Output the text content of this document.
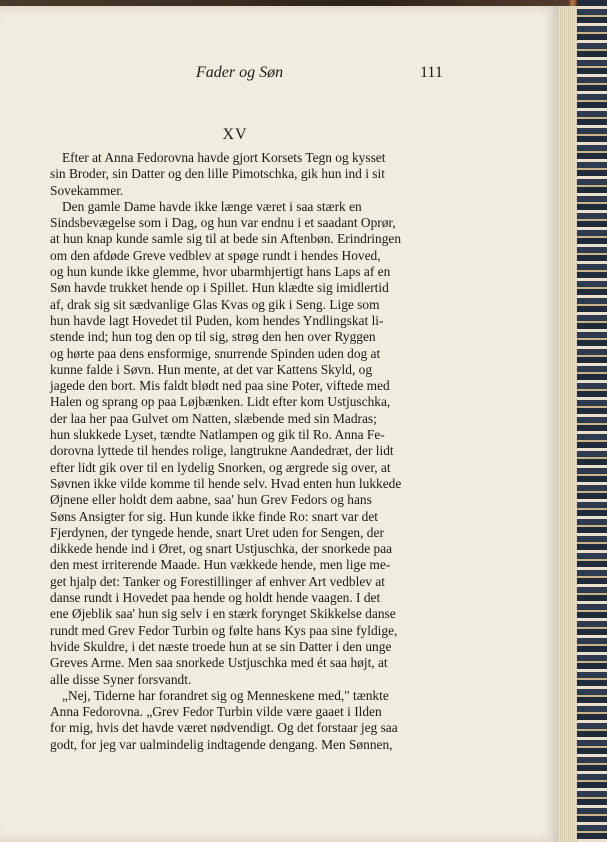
Fader og Søn	111
XV

Efter at Anna Fedorovna havde gjort Korsets Tegn og kysset
sin Broder, sin Datter og den lille Pimotschka, gik hun ind i sit
Sovekammer.

Den gamle Dame havde ikke længe været i saa stærk en
Sindsbevægelse som i Dag, og hun var endnu i et saadant Oprør,
at hun knap kunde samle sig til at bede sin Aftenbøn. Erindringen
om den afdøde Greve vedblev at spøge rundt i hendes Hoved,
og hun kunde ikke glemme, hvor ubarmhjertigt hans Laps af en
Søn havde trukket hende op i Spillet. Hun klædte sig imidlertid
af, drak sig sit sædvanlige Glas Kvas og gik i Seng. Lige som
hun havde lagt Hovedet til Puden, kom hendes Yndlingskat li-
stende ind; hun tog den op til sig, strøg den hen over Ryggen
og hørte paa dens ensformige, snurrende Spinden uden dog at
kunne falde i Søvn. Hun mente, at det var Kattens Skyld, og
jagede den bort. Mis faldt blødt ned paa sine Poter, viftede med
Halen og sprang op paa Løjbænken. Lidt efter kom Ustjuschka,
der laa her paa Gulvet om Natten, slæbende med sin Madras;
hun slukkede Lyset, tændte Natlampen og gik til Ro. Anna Fe-
dorovna lyttede til hendes rolige, langtrukne Aandedræt, der lidt
efter lidt gik over til en lydelig Snorken, og ærgrede sig over, at
Søvnen ikke vilde komme til hende selv. Hvad enten hun lukkede
Øjnene eller holdt dem aabne, saa' hun Grev Fedors og hans
Søns Ansigter for sig. Hun kunde ikke finde Ro: snart var det
Fjerdynen, der tyngede hende, snart Uret uden for Sengen, der
dikkede hende ind i Øret, og snart Ustjuschka, der snorkede paa
den mest irriterende Maade. Hun vækkede hende, men lige me-
get hjalp det: Tanker og Forestillinger af enhver Art vedblev at
danse rundt i Hovedet paa hende og holdt hende vaagen. I det
ene Øjeblik saa' hun sig selv i en stærk forynget Skikkelse danse
rundt med Grev Fedor Turbin og følte hans Kys paa sine fyldige,
hvide Skuldre, i det næste troede hun at se sin Datter i den unge
Greves Arme. Men saa snorkede Ustjuschka med ét saa højt, at
alle disse Syner forsvandt.

„Nej, Tiderne har forandret sig og Menneskene med," tænkte
Anna Fedorovna. „Grev Fedor Turbin vilde være gaaet i Ilden
for mig, hvis det havde været nødvendigt. Og det forstaar jeg saa
godt, for jeg var ualmindelig indtagende dengang. Men Sønnen,
